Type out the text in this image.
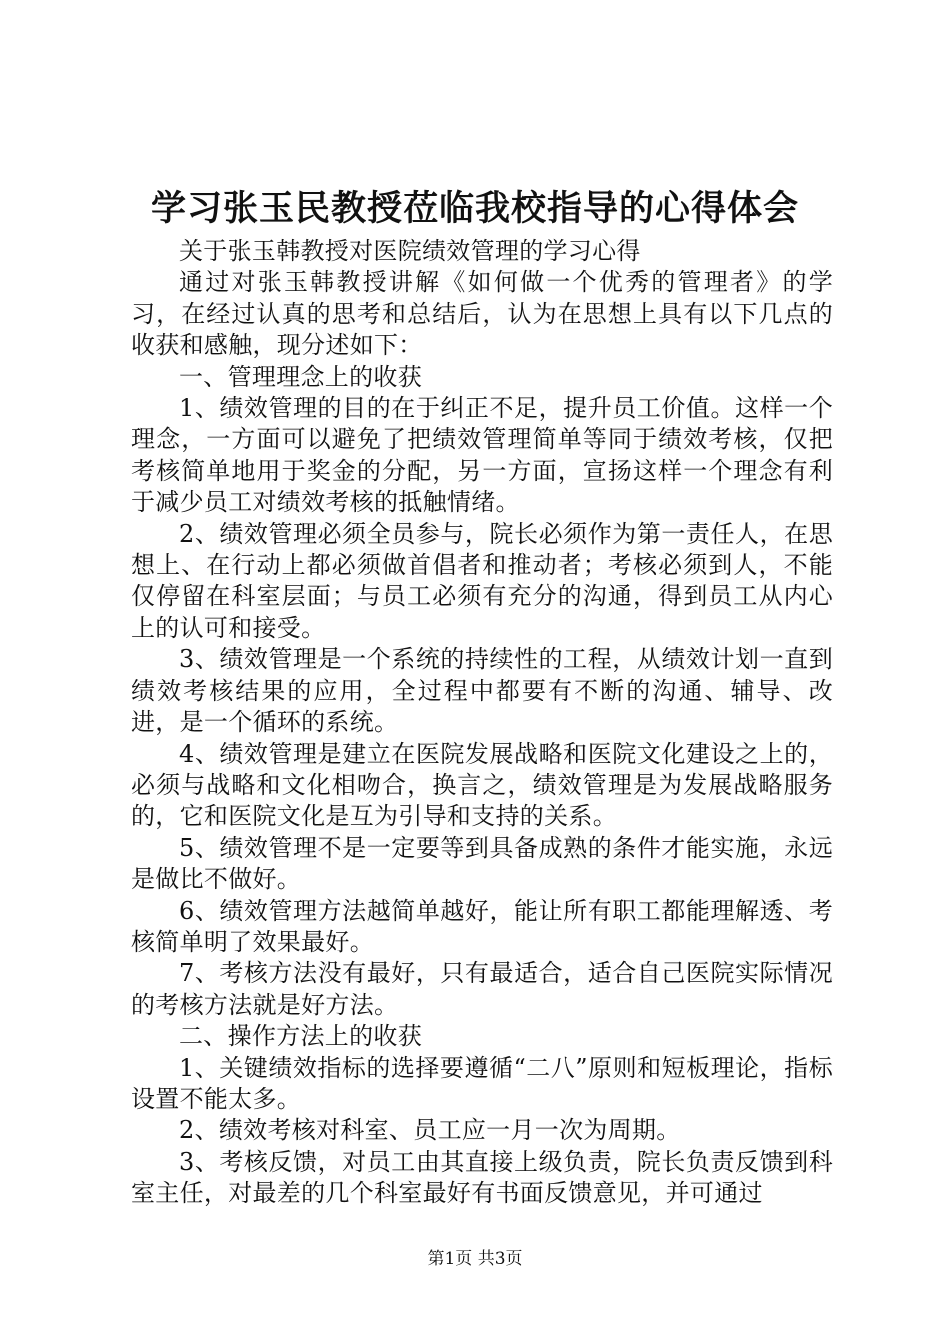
学习张玉民教授莅临我校指导的心得体会

关于张玉韩教授对医院绩效管理的学习心得

通过对张玉韩教授讲解《如何做一个优秀的管理者》的学习，在经过认真的思考和总结后，认为在思想上具有以下几点的收获和感触，现分述如下：

一、管理理念上的收获

1、绩效管理的目的在于纠正不足，提升员工价值。这样一个理念，一方面可以避免了把绩效管理简单等同于绩效考核，仅把考核简单地用于奖金的分配，另一方面，宣扬这样一个理念有利于减少员工对绩效考核的抵触情绪。

2、绩效管理必须全员参与，院长必须作为第一责任人，在思想上、在行动上都必须做首倡者和推动者；考核必须到人，不能仅停留在科室层面；与员工必须有充分的沟通，得到员工从内心上的认可和接受。

3、绩效管理是一个系统的持续性的工程，从绩效计划一直到绩效考核结果的应用，全过程中都要有不断的沟通、辅导、改进，是一个循环的系统。

4、绩效管理是建立在医院发展战略和医院文化建设之上的，必须与战略和文化相吻合，换言之，绩效管理是为发展战略服务的，它和医院文化是互为引导和支持的关系。

5、绩效管理不是一定要等到具备成熟的条件才能实施，永远是做比不做好。

6、绩效管理方法越简单越好，能让所有职工都能理解透、考核简单明了效果最好。

7、考核方法没有最好，只有最适合，适合自己医院实际情况的考核方法就是好方法。

二、操作方法上的收获

1、关键绩效指标的选择要遵循“二八”原则和短板理论，指标设置不能太多。

2、绩效考核对科室、员工应一月一次为周期。

3、考核反馈，对员工由其直接上级负责，院长负责反馈到科室主任，对最差的几个科室最好有书面反馈意见，并可通过

第1页 共3页
